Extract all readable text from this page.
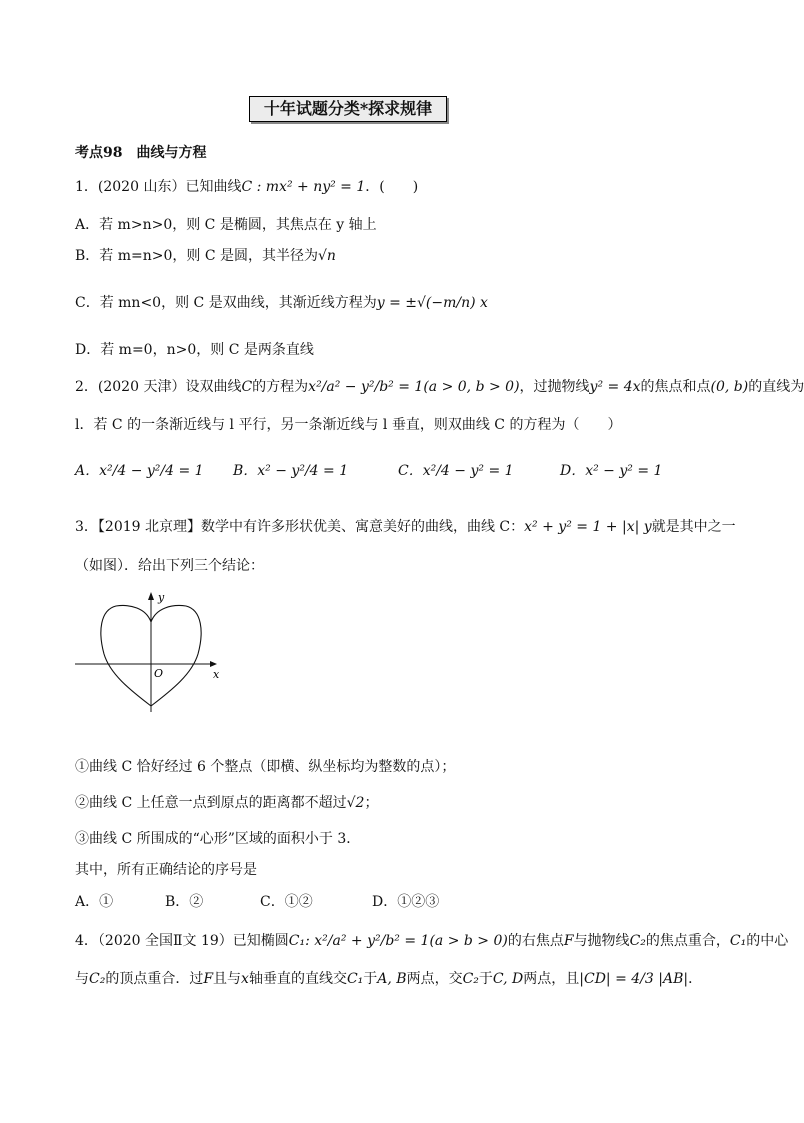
十年试题分类*探求规律
考点98　曲线与方程
1．(2020 山东）已知曲线C : mx² + ny² = 1．(　　)
A．若 m>n>0，则 C 是椭圆，其焦点在 y 轴上
B．若 m=n>0，则 C 是圆，其半径为√n
C．若 mn<0，则 C 是双曲线，其渐近线方程为y = ±√(−m/n) x
D．若 m=0，n>0，则 C 是两条直线
2．(2020 天津）设双曲线C的方程为x²/a² − y²/b² = 1(a > 0, b > 0)，过抛物线y² = 4x的焦点和点(0, b)的直线为
l．若 C 的一条渐近线与 l 平行，另一条渐近线与 l 垂直，则双曲线 C 的方程为（　　）
A．x²/4 − y²/4 = 1 B．x² − y²/4 = 1	C．x²/4 − y² = 1	D．x² − y² = 1
3．【2019 北京理】数学中有许多形状优美、寓意美好的曲线，曲线 C：x² + y² = 1 + |x| y就是其中之一
（如图）．给出下列三个结论：
y
x
O
①曲线 C 恰好经过 6 个整点（即横、纵坐标均为整数的点）；
②曲线 C 上任意一点到原点的距离都不超过√2；
③曲线 C 所围成的“心形”区域的面积小于 3．
其中，所有正确结论的序号是
A．①	B．②	C．①②	D．①②③
4．（2020 全国Ⅱ文 19）已知椭圆C₁: x²/a² + y²/b² = 1(a > b > 0)的右焦点F与抛物线C₂的焦点重合，C₁的中心
与C₂的顶点重合．过F且与x轴垂直的直线交C₁于A, B两点，交C₂于C, D两点，且|CD| = 4/3 |AB|．
